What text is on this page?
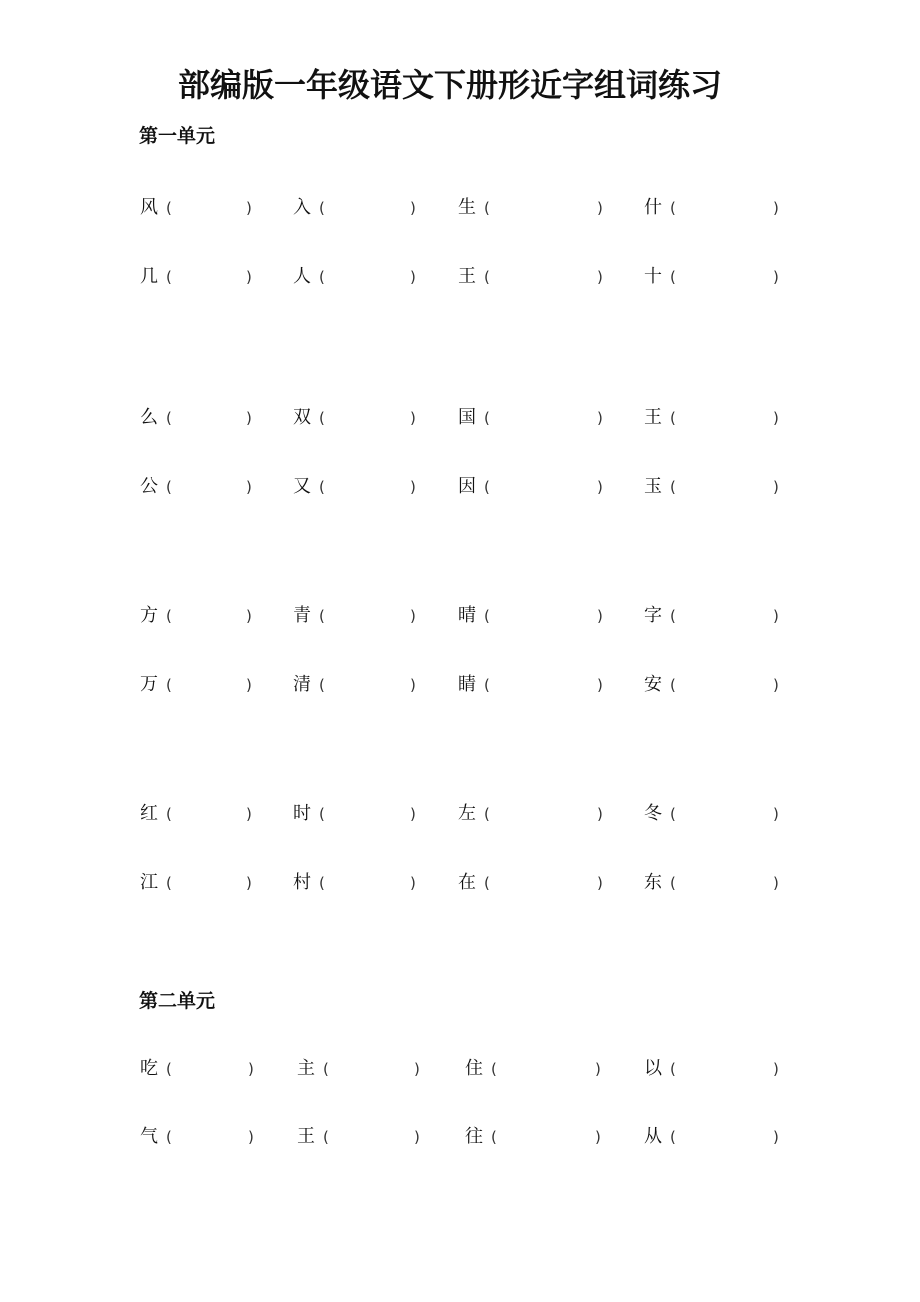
部编版一年级语文下册形近字组词练习
第一单元
第二单元
风 (	) 入 (	) 生 (	) 什 (	)
几 (	) 人 (	) 王 (	) 十 (	)
么 (	) 双 (	) 国 (	) 王 (	)
公 (	) 又 (	) 因 (	) 玉 (	)
方 (	) 青 (	) 晴 (	) 字 (	)
万 (	) 清 (	) 睛 (	) 安 (	)
红 (	) 时 (	) 左 (	) 冬 (	)
江 (	) 村 (	) 在 (	) 东 (	)
吃 (	) 主 (	)	住 (	) 以 (	)
气 (	) 王 (	)	往 (	) 从 (	)
